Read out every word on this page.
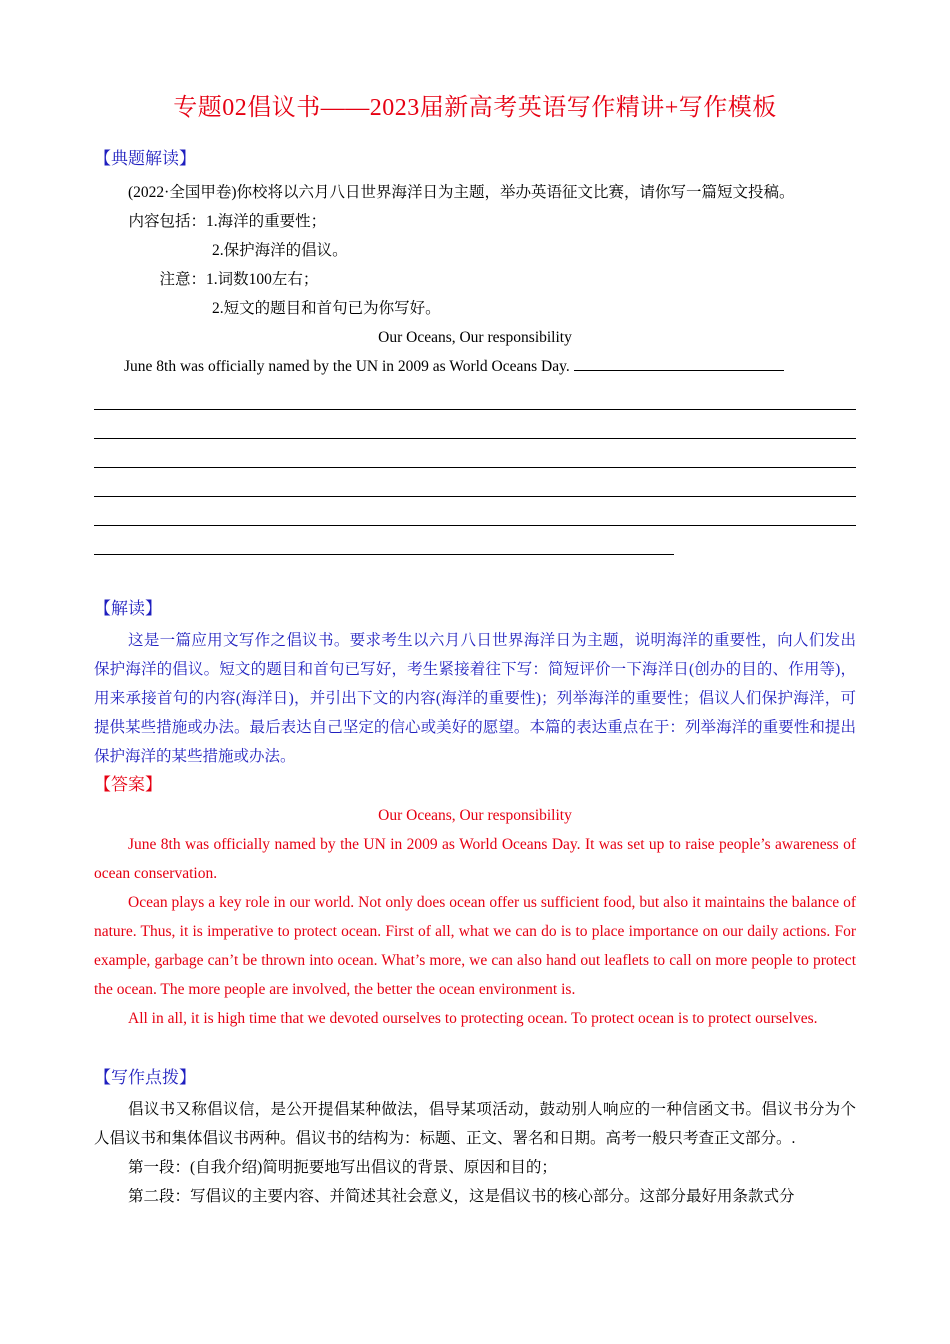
专题02倡议书——2023届新高考英语写作精讲+写作模板
【典题解读】
(2022·全国甲卷)你校将以六月八日世界海洋日为主题，举办英语征文比赛，请你写一篇短文投稿。
内容包括：1.海洋的重要性；
2.保护海洋的倡议。
注意：1.词数100左右；
2.短文的题目和首句已为你写好。
Our Oceans, Our responsibility
June 8th was officially named by the UN in 2009 as World Oceans Day.
【解读】
这是一篇应用文写作之倡议书。要求考生以六月八日世界海洋日为主题，说明海洋的重要性，向人们发出保护海洋的倡议。短文的题目和首句已写好，考生紧接着往下写：简短评价一下海洋日(创办的目的、作用等)，用来承接首句的内容(海洋日)，并引出下文的内容(海洋的重要性)；列举海洋的重要性；倡议人们保护海洋，可提供某些措施或办法。最后表达自己坚定的信心或美好的愿望。本篇的表达重点在于：列举海洋的重要性和提出保护海洋的某些措施或办法。
【答案】
Our Oceans, Our responsibility
June 8th was officially named by the UN in 2009 as World Oceans Day. It was set up to raise people’s awareness of ocean conservation.
Ocean plays a key role in our world. Not only does ocean offer us sufficient food, but also it maintains the balance of nature. Thus, it is imperative to protect ocean. First of all, what we can do is to place importance on our daily actions. For example, garbage can’t be thrown into ocean. What’s more, we can also hand out leaflets to call on more people to protect the ocean. The more people are involved, the better the ocean environment is.
All in all, it is high time that we devoted ourselves to protecting ocean. To protect ocean is to protect ourselves.
【写作点拨】
倡议书又称倡议信，是公开提倡某种做法，倡导某项活动，鼓动别人响应的一种信函文书。倡议书分为个人倡议书和集体倡议书两种。倡议书的结构为：标题、正文、署名和日期。高考一般只考查正文部分。.
第一段：(自我介绍)简明扼要地写出倡议的背景、原因和目的；
第二段：写倡议的主要内容、并简述其社会意义，这是倡议书的核心部分。这部分最好用条款式分
